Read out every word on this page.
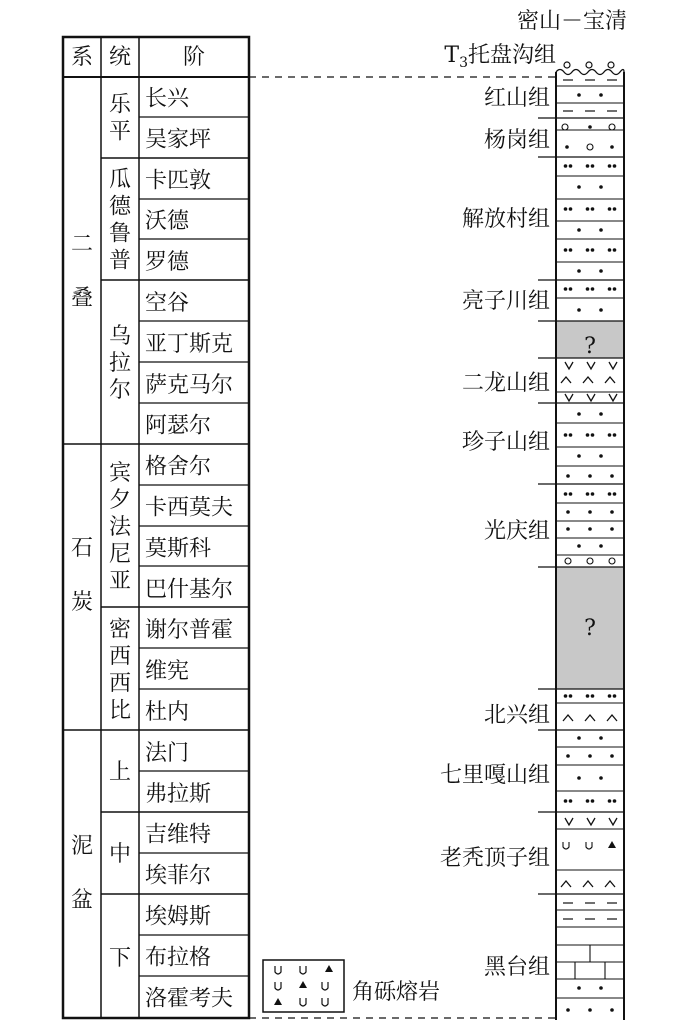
系 统 阶
二
叠
石
炭
泥
盆
乐
平
瓜
德
鲁
普
乌
拉
尔
宾
夕
法
尼
亚
密
西
西
比
上
中
下
长兴
吴家坪
卡匹敦
沃德
罗德
空谷
亚丁斯克
萨克马尔
阿瑟尔
格舍尔
卡西莫夫
莫斯科
巴什基尔
谢尔普霍
维宪
杜内
法门
弗拉斯
吉维特
埃菲尔
埃姆斯
布拉格
洛霍考夫
密山－宝清
$T_3$ 托盘沟组
红山组
杨岗组
解放村组
亮子川组
?
二龙山组
珍子山组
光庆组
?
北兴组
七里嘎山组
老秃顶子组
黑台组
角砾熔岩
